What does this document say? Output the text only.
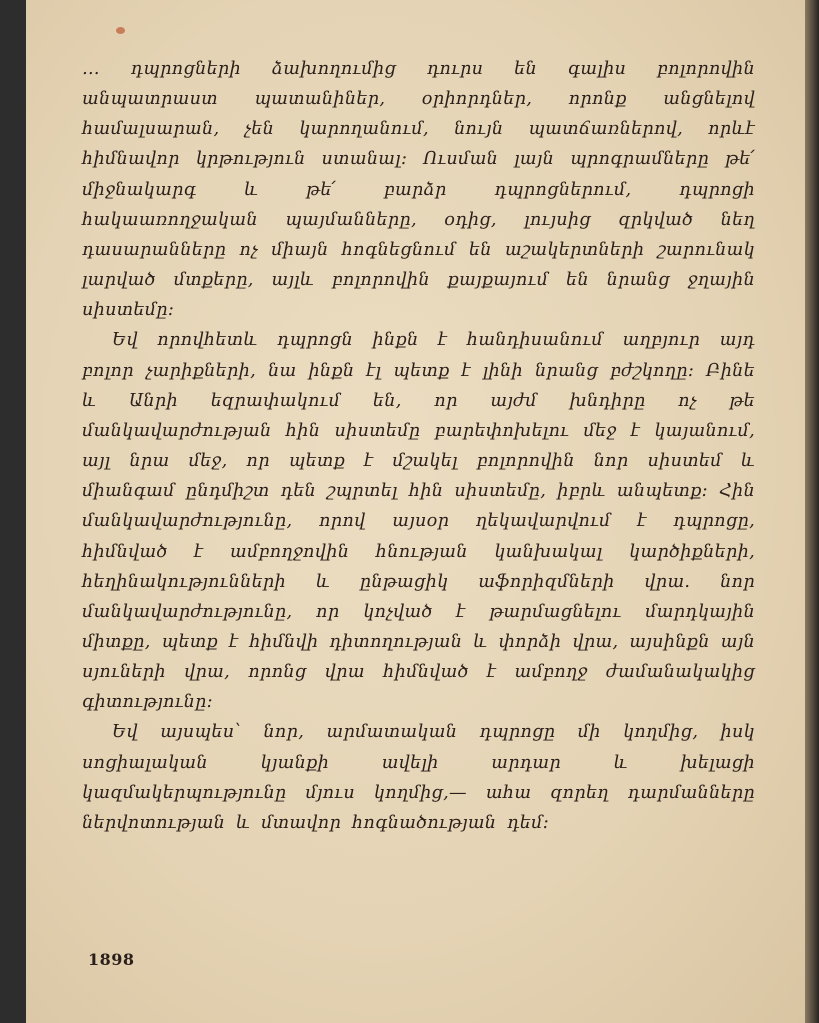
… դպրոցների ձախողումից դուրս են գալիս բոլորովին անպատրաստ պատանիներ, օրիորդներ, որոնք անցնելով համալսարան, չեն կարողանում, նույն պատճառներով, որևէ հիմնավոր կրթություն ստանալ։ Ուսման լայն պրոգրամները թե՛ միջնակարգ և թե՛ բարձր դպրոցներում, դպրոցի հակաառողջական պայմանները, օդից, լույսից զրկված նեղ դասարանները ոչ միայն հոգնեցնում են աշակերտների շարունակ լարված մտքերը, այլև բոլորովին քայքայում են նրանց ջղային սիստեմը։

Եվ որովհետև դպրոցն ինքն է հանդիսանում աղբյուր այդ բոլոր չարիքների, նա ինքն էլ պետք է լինի նրանց բժշկողը։ Բինե և Անրի եզրափակում են, որ այժմ խնդիրը ոչ թե մանկավարժության հին սիստեմը բարեփոխելու մեջ է կայանում, այլ նրա մեջ, որ պետք է մշակել բոլորովին նոր սիստեմ և միանգամ ընդմիշտ դեն շպրտել հին սիստեմը, իբրև անպետք։ Հին մանկավարժությունը, որով այսօր ղեկավարվում է դպրոցը, հիմնված է ամբողջովին հնության կանխակալ կարծիքների, հեղինակությունների և ընթացիկ աֆորիզմների վրա. նոր մանկավարժությունը, որ կոչված է թարմացնելու մարդկային միտքը, պետք է հիմնվի դիտողության և փորձի վրա, այսինքն այն սյուների վրա, որոնց վրա հիմնված է ամբողջ ժամանակակից գիտությունը։

Եվ այսպես՝ նոր, արմատական դպրոցը մի կողմից, իսկ սոցիալական կյանքի ավելի արդար և խելացի կազմակերպությունը մյուս կողմից,— ահա զորեղ դարմանները ներվոտության և մտավոր հոգնածության դեմ։

1898
